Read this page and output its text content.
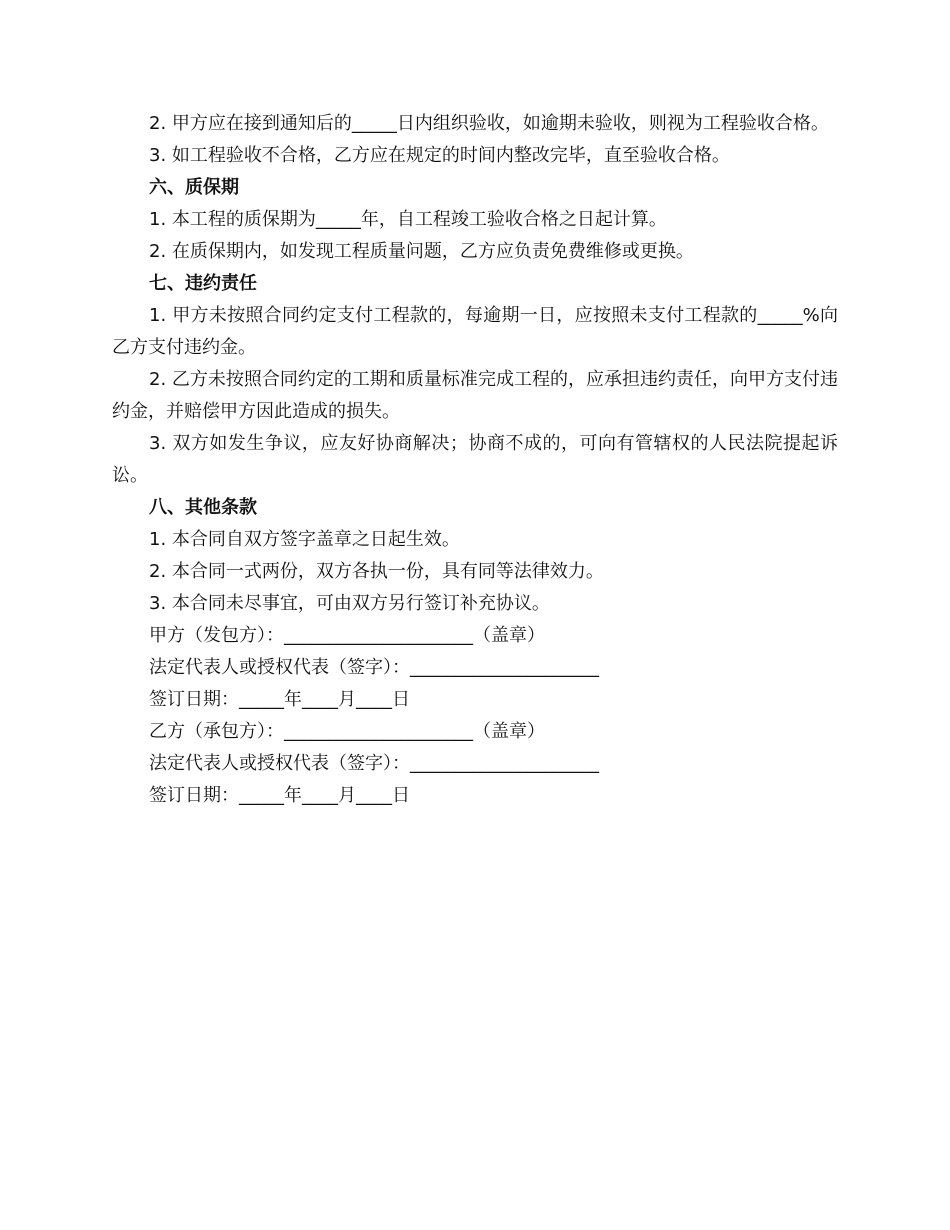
2. 甲方应在接到通知后的_____日内组织验收，如逾期未验收，则视为工程验收合格。

3. 如工程验收不合格，乙方应在规定的时间内整改完毕，直至验收合格。

六、质保期

1. 本工程的质保期为_____年，自工程竣工验收合格之日起计算。

2. 在质保期内，如发现工程质量问题，乙方应负责免费维修或更换。

七、违约责任

1. 甲方未按照合同约定支付工程款的，每逾期一日，应按照未支付工程款的_____%向乙方支付违约金。

2. 乙方未按照合同约定的工期和质量标准完成工程的，应承担违约责任，向甲方支付违约金，并赔偿甲方因此造成的损失。

3. 双方如发生争议，应友好协商解决；协商不成的，可向有管辖权的人民法院提起诉讼。

八、其他条款

1. 本合同自双方签字盖章之日起生效。

2. 本合同一式两份，双方各执一份，具有同等法律效力。

3. 本合同未尽事宜，可由双方另行签订补充协议。

甲方（发包方）：_____________________（盖章）

法定代表人或授权代表（签字）：_____________________

签订日期：_____年____月____日

乙方（承包方）：_____________________（盖章）

法定代表人或授权代表（签字）：_____________________

签订日期：_____年____月____日
